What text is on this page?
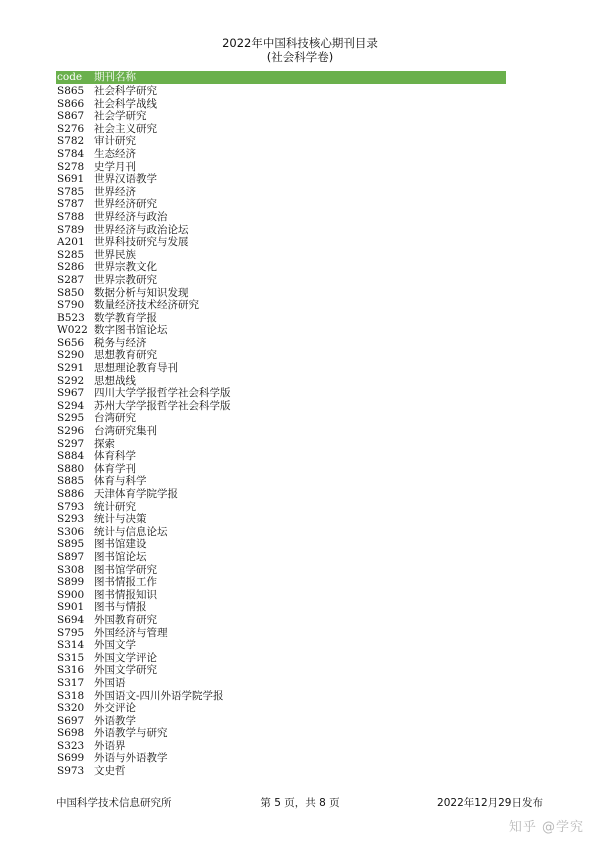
2022年中国科技核心期刊目录
(社会科学卷)
code 期刊名称
S865 社会科学研究
S866 社会科学战线
S867 社会学研究
S276 社会主义研究
S782 审计研究
S784 生态经济
S278 史学月刊
S691 世界汉语教学
S785 世界经济
S787 世界经济研究
S788 世界经济与政治
S789 世界经济与政治论坛
A201 世界科技研究与发展
S285 世界民族
S286 世界宗教文化
S287 世界宗教研究
S850 数据分析与知识发现
S790 数量经济技术经济研究
B523 数学教育学报
W022 数字图书馆论坛
S656 税务与经济
S290 思想教育研究
S291 思想理论教育导刊
S292 思想战线
S967 四川大学学报哲学社会科学版
S294 苏州大学学报哲学社会科学版
S295 台湾研究
S296 台湾研究集刊
S297 探索
S884 体育科学
S880 体育学刊
S885 体育与科学
S886 天津体育学院学报
S793 统计研究
S293 统计与决策
S306 统计与信息论坛
S895 图书馆建设
S897 图书馆论坛
S308 图书馆学研究
S899 图书情报工作
S900 图书情报知识
S901 图书与情报
S694 外国教育研究
S795 外国经济与管理
S314 外国文学
S315 外国文学评论
S316 外国文学研究
S317 外国语
S318 外国语文-四川外语学院学报
S320 外交评论
S697 外语教学
S698 外语教学与研究
S323 外语界
S699 外语与外语教学
S973 文史哲
中国科学技术信息研究所	第 5 页，共 8 页	2022年12月29日发布
知乎 @学究
